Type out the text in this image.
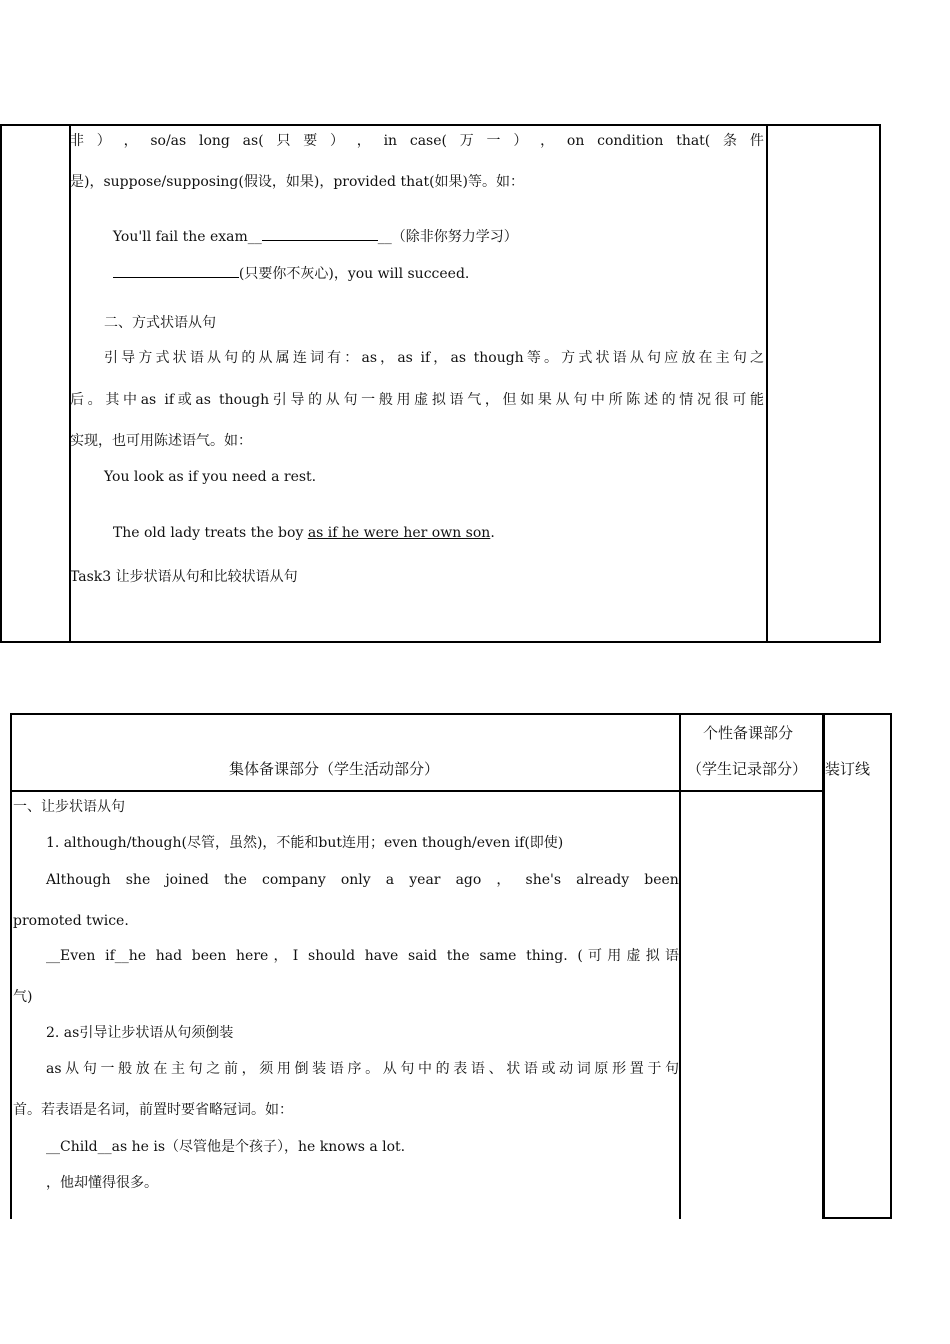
非 ） ， so/as long as( 只 要 ） ， in case( 万 一 ） ， on condition that( 条 件
是)，suppose/supposing(假设，如果)，provided that(如果)等。如：

You'll fail the exam__	__（除非你努力学习）

(只要你不灰心)，you will succeed.

二、方式状语从句
引导方式状语从句的从属连词有：as，as if，as though等。方式状语从句应放在主句之
后。其中as if或as though引导的从句一般用虚拟语气，但如果从句中所陈述的情况很可能
实现，也可用陈述语气。如：
You look as if you need a rest.

The old lady treats the boy as if he were her own son.

Task3 让步状语从句和比较状语从句
集体备课部分（学生活动部分）
个性备课部分
（学生记录部分） 装订线
一、让步状语从句
1. although/though(尽管，虽然)，不能和but连用；even though/even if(即使)
Although she joined the company only a year ago ， she's already been
promoted twice.
__Even if__he had been here，I should have said the same thing. (可用虚拟语
气)
2. as引导让步状语从句须倒装
as从句一般放在主句之前，须用倒装语序。从句中的表语、状语或动词原形置于句
首。若表语是名词，前置时要省略冠词。如：
__Child__as he is（尽管他是个孩子），he knows a lot.
，他却懂得很多。
